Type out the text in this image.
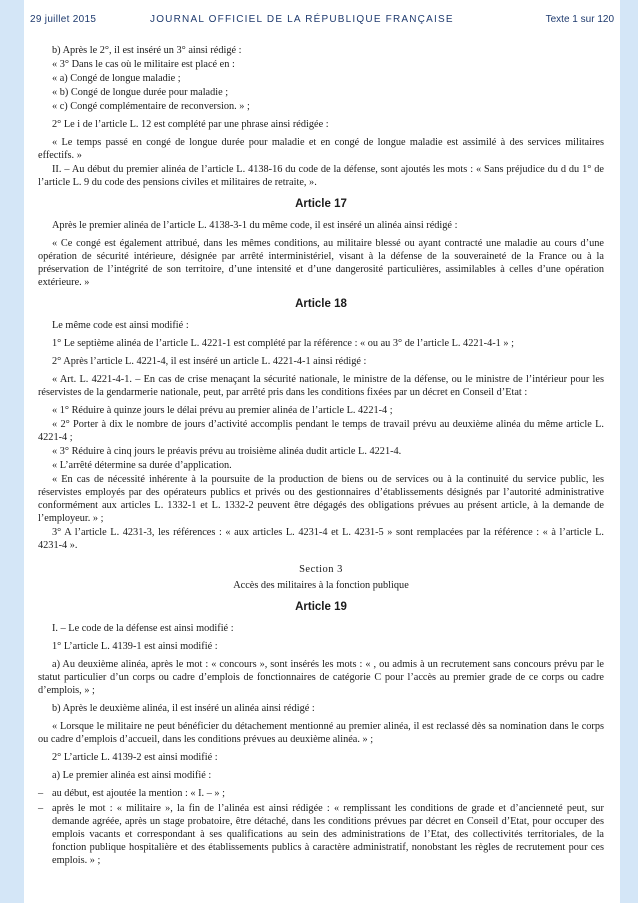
29 juillet 2015	JOURNAL OFFICIEL DE LA RÉPUBLIQUE FRANÇAISE	Texte 1 sur 120

b) Après le 2°, il est inséré un 3° ainsi rédigé :

« 3° Dans le cas où le militaire est placé en :

« a) Congé de longue maladie ;

« b) Congé de longue durée pour maladie ;

« c) Congé complémentaire de reconversion. » ;

2° Le i de l’article L. 12 est complété par une phrase ainsi rédigée :

« Le temps passé en congé de longue durée pour maladie et en congé de longue maladie est assimilé à des services militaires effectifs. »

II. – Au début du premier alinéa de l’article L. 4138-16 du code de la défense, sont ajoutés les mots : « Sans préjudice du d du 1° de l’article L. 9 du code des pensions civiles et militaires de retraite, ».

Article 17

Après le premier alinéa de l’article L. 4138-3-1 du même code, il est inséré un alinéa ainsi rédigé :

« Ce congé est également attribué, dans les mêmes conditions, au militaire blessé ou ayant contracté une maladie au cours d’une opération de sécurité intérieure, désignée par arrêté interministériel, visant à la défense de la souveraineté de la France ou à la préservation de l’intégrité de son territoire, d’une intensité et d’une dangerosité particulières, assimilables à celles d’une opération extérieure. »

Article 18

Le même code est ainsi modifié :

1° Le septième alinéa de l’article L. 4221-1 est complété par la référence : « ou au 3° de l’article L. 4221-4-1 » ;

2° Après l’article L. 4221-4, il est inséré un article L. 4221-4-1 ainsi rédigé :

« Art. L. 4221-4-1. – En cas de crise menaçant la sécurité nationale, le ministre de la défense, ou le ministre de l’intérieur pour les réservistes de la gendarmerie nationale, peut, par arrêté pris dans les conditions fixées par un décret en Conseil d’Etat :

« 1° Réduire à quinze jours le délai prévu au premier alinéa de l’article L. 4221-4 ;

« 2° Porter à dix le nombre de jours d’activité accomplis pendant le temps de travail prévu au deuxième alinéa du même article L. 4221-4 ;

« 3° Réduire à cinq jours le préavis prévu au troisième alinéa dudit article L. 4221-4.

« L’arrêté détermine sa durée d’application.

« En cas de nécessité inhérente à la poursuite de la production de biens ou de services ou à la continuité du service public, les réservistes employés par des opérateurs publics et privés ou des gestionnaires d’établissements désignés par l’autorité administrative conformément aux articles L. 1332-1 et L. 1332-2 peuvent être dégagés des obligations prévues au présent article, à la demande de l’employeur. » ;

3° A l’article L. 4231-3, les références : « aux articles L. 4231-4 et L. 4231-5 » sont remplacées par la référence : « à l’article L. 4231-4 ».

Section 3
Accès des militaires à la fonction publique
Article 19

I. – Le code de la défense est ainsi modifié :

1° L’article L. 4139-1 est ainsi modifié :

a) Au deuxième alinéa, après le mot : « concours », sont insérés les mots : « , ou admis à un recrutement sans concours prévu par le statut particulier d’un corps ou cadre d’emplois de fonctionnaires de catégorie C pour l’accès au premier grade de ce corps ou cadre d’emplois, » ;

b) Après le deuxième alinéa, il est inséré un alinéa ainsi rédigé :

« Lorsque le militaire ne peut bénéficier du détachement mentionné au premier alinéa, il est reclassé dès sa nomination dans le corps ou cadre d’emplois d’accueil, dans les conditions prévues au deuxième alinéa. » ;

2° L’article L. 4139-2 est ainsi modifié :

a) Le premier alinéa est ainsi modifié :

– au début, est ajoutée la mention : « I. – » ;

– après le mot : « militaire », la fin de l’alinéa est ainsi rédigée : « remplissant les conditions de grade et d’ancienneté peut, sur demande agréée, après un stage probatoire, être détaché, dans les conditions prévues par décret en Conseil d’Etat, pour occuper des emplois vacants et correspondant à ses qualifications au sein des administrations de l’Etat, des collectivités territoriales, de la fonction publique hospitalière et des établissements publics à caractère administratif, nonobstant les règles de recrutement pour ces emplois. » ;
